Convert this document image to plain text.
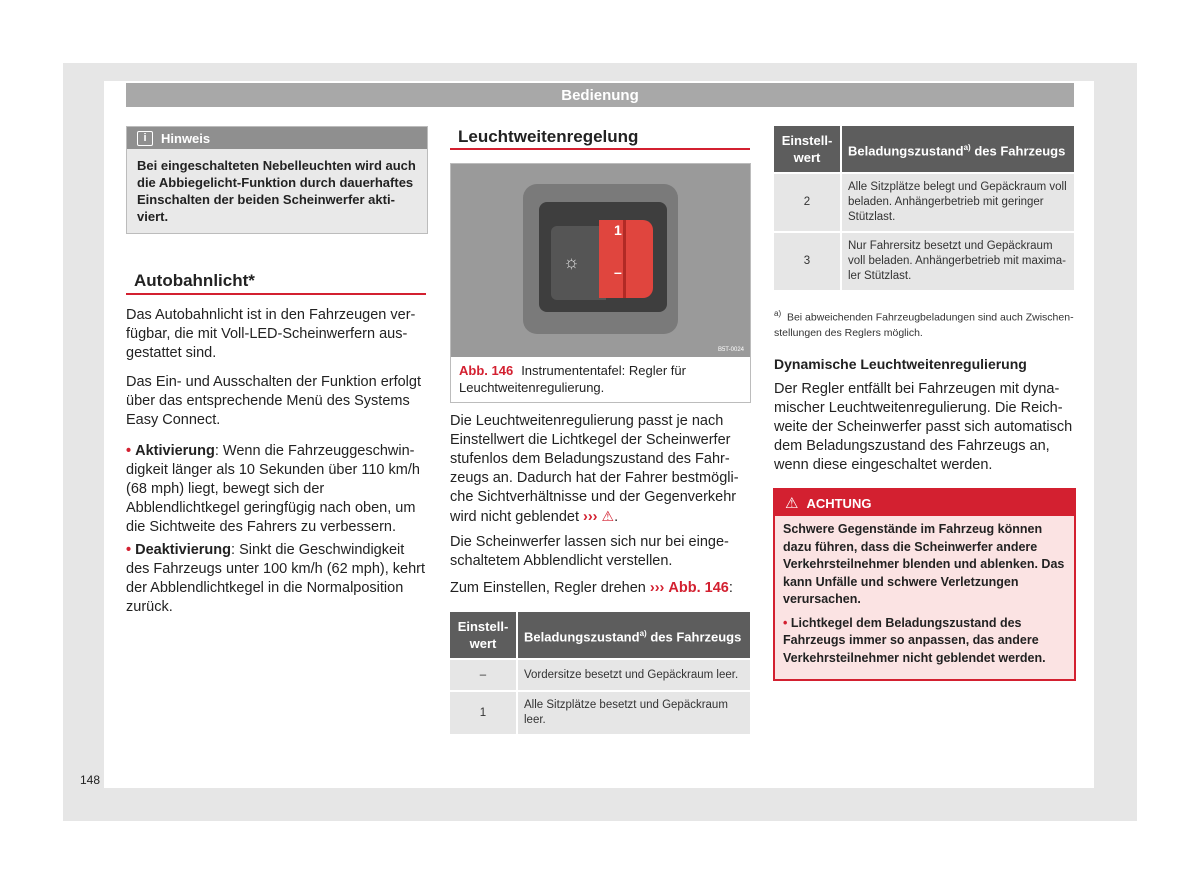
Bedienung
i	Hinweis
Bei eingeschalteten Nebelleuchten wird auch die Abbiegelicht-Funktion durch dauerhaftes Einschalten der beiden Scheinwerfer aktiviert.
Autobahnlicht*

Das Autobahnlicht ist in den Fahrzeugen verfügbar, die mit Voll-LED-Scheinwerfern ausgestattet sind.

Das Ein- und Ausschalten der Funktion erfolgt über das entsprechende Menü des Systems Easy Connect.

• Aktivierung: Wenn die Fahrzeuggeschwindigkeit länger als 10 Sekunden über 110 km/h (68 mph) liegt, bewegt sich der Abblendlichtkegel geringfügig nach oben, um die Sichtweite des Fahrers zu verbessern.

• Deaktivierung: Sinkt die Geschwindigkeit des Fahrzeugs unter 100 km/h (62 mph), kehrt der Abblendlichtkegel in die Normalposition zurück.

Leuchtweitenregelung
☼
1
–
B5T-0024
Abb. 146 Instrumententafel: Regler für Leuchtweitenregulierung.

Die Leuchtweitenregulierung passt je nach Einstellwert die Lichtkegel der Scheinwerfer stufenlos dem Beladungszustand des Fahrzeugs an. Dadurch hat der Fahrer bestmögliche Sichtverhältnisse und der Gegenverkehr wird nicht geblendet ››› ⚠.

Die Scheinwerfer lassen sich nur bei eingeschaltetem Abblendlicht verstellen.

Zum Einstellen, Regler drehen ››› Abb. 146:

Einstell-wert	Beladungszustand$^{a)}$ des Fahrzeugs
–	Vordersitze besetzt und Gepäckraum leer.
1	Alle Sitzplätze besetzt und Gepäckraum leer.
Einstell-wert	Beladungszustand$^{a)}$ des Fahrzeugs
2	Alle Sitzplätze belegt und Gepäckraum voll beladen. Anhängerbetrieb mit geringer Stützlast.
3	Nur Fahrersitz besetzt und Gepäckraum voll beladen. Anhängerbetrieb mit maximaler Stützlast.
$^{a)}$ Bei abweichenden Fahrzeugbeladungen sind auch Zwischenstellungen des Reglers möglich.
Dynamische Leuchtweitenregulierung

Der Regler entfällt bei Fahrzeugen mit dynamischer Leuchtweitenregulierung. Die Reichweite der Scheinwerfer passt sich automatisch dem Beladungszustand des Fahrzeugs an, wenn diese eingeschaltet werden.

⚠ ACHTUNG

Schwere Gegenstände im Fahrzeug können dazu führen, dass die Scheinwerfer andere Verkehrsteilnehmer blenden und ablenken. Das kann Unfälle und schwere Verletzungen verursachen.

• Lichtkegel dem Beladungszustand des Fahrzeugs immer so anpassen, das andere Verkehrsteilnehmer nicht geblendet werden.

148
